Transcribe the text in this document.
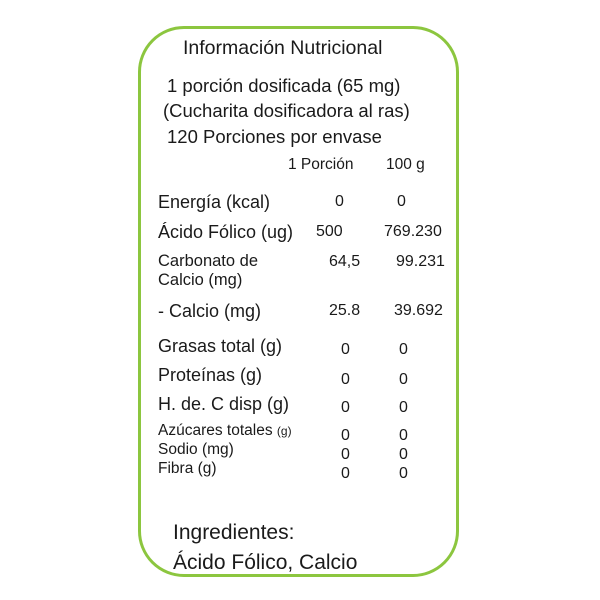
Información Nutricional
1 porción dosificada (65 mg)
(Cucharita dosificadora al ras)
120 Porciones por envase
1 Porción 100 g
Energía (kcal)	0	0
Ácido Fólico (ug) 500	769.230
Carbonato de
Calcio (mg)
64,5 99.231
- Calcio (mg)	25.8 39.692
Grasas total (g)	0	0
Proteínas (g)	0	0
H. de. C disp (g)	0	0
Azúcares totales (g)	0	0
Sodio (mg)	0	0
Fibra (g)	0	0
Ingredientes:
Ácido Fólico, Calcio
